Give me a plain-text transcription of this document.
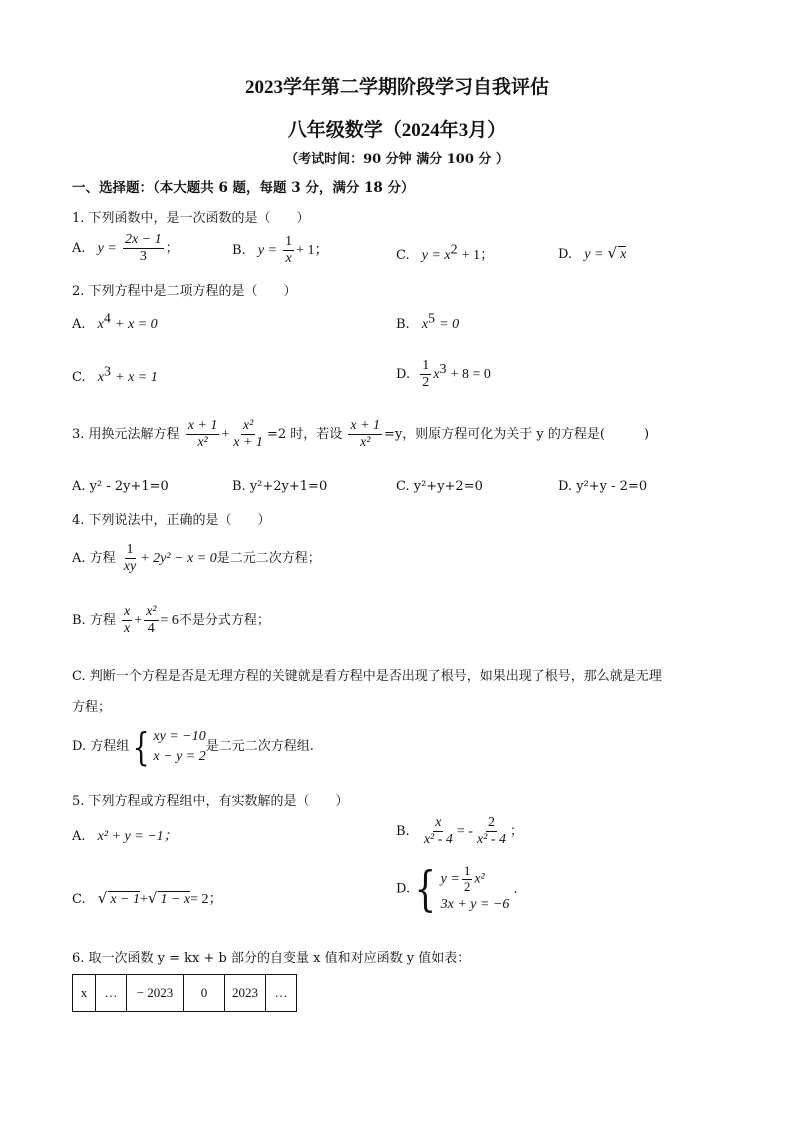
2023学年第二学期阶段学习自我评估
八年级数学（2024年3月）
（考试时间：90 分钟 满分 100 分 ）
一、选择题：（本大题共 6 题，每题 3 分，满分 18 分）
1. 下列函数中，是一次函数的是（　　）
A. $y = \frac{2x - 1}{3}$ ；	B. $y = \frac{1}{x} + 1$；	C. $y = x^2 + 1$；	D. y = √ x
2. 下列方程中是二项方程的是（　　）
A. $x^4 + x = 0$	B. $x^5 = 0$
C. $x^3 + x = 1$	D. $\frac{1}{2} x^3 + 8 = 0$
3. 用换元法解方程 $\frac{x + 1}{\text{x²}} + \frac{\text{x²}}{x + 1} =2$ 时，若设 $\frac{x + 1}{\text{x²}} =y$，则原方程可化为关于 y 的方程是(　　　)
A. y² - 2y+1=0	B. y²+2y+1=0	C. y²+y+2=0	D. y²+y - 2=0
4. 下列说法中，正确的是（　　）
A. 方程 $\frac{1}{xy} + 2y^2 - x = 0$是二元二次方程；
B. 方程 $\frac{x}{x} + \frac{\text{x²}}{4} = 6$不是分式方程；
C. 判断一个方程是否是无理方程的关键就是看方程中是否出现了根号，如果出现了根号，那么就是无理
方程；
D. 方程组{ xy = −10
x − y = 2
是二元二次方程组.
5. 下列方程或方程组中，有实数解的是（　　）
A. x² + y = −1；	B. $\frac{x}{\text{x² - 4}}$ = - $\frac{2}{\text{x² - 4}}$ ；
C. √ x − 1+√ 1 − x= 2；
D.{ $y = \frac{1}{2} x^2$
3x + y = −6
.
6. 取一次函数 y = kx + b 部分的自变量 x 值和对应函数 y 值如表：
x	…	− 2023	0	2023	…
